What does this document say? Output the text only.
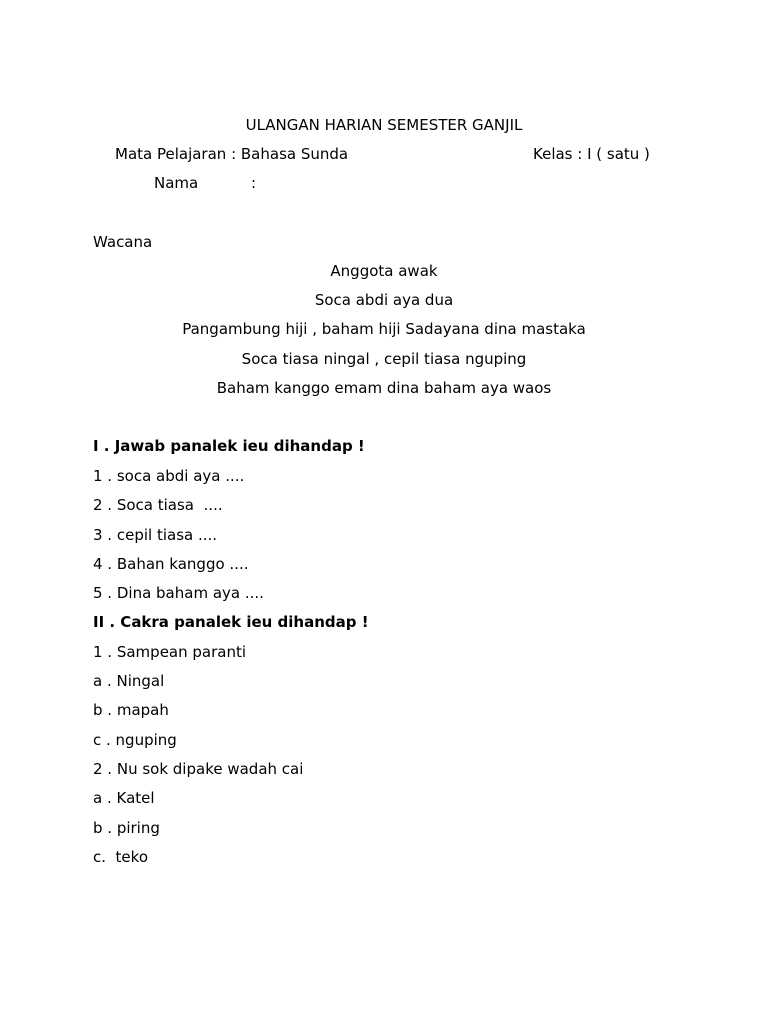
ULANGAN HARIAN SEMESTER GANJIL
Mata Pelajaran : Bahasa Sunda	Kelas : I ( satu )
Nama	:
Wacana
Anggota awak
Soca abdi aya dua
Pangambung hiji , baham hiji Sadayana dina mastaka
Soca tiasa ningal , cepil tiasa nguping
Baham kanggo emam dina baham aya waos
I . Jawab panalek ieu dihandap !
1 . soca abdi aya ....
2 . Soca tiasa  ....
3 . cepil tiasa ....
4 . Bahan kanggo ....
5 . Dina baham aya ....
II . Cakra panalek ieu dihandap !
1 . Sampean paranti
a . Ningal
b . mapah
c . nguping
2 . Nu sok dipake wadah cai
a . Katel
b . piring
c.  teko
